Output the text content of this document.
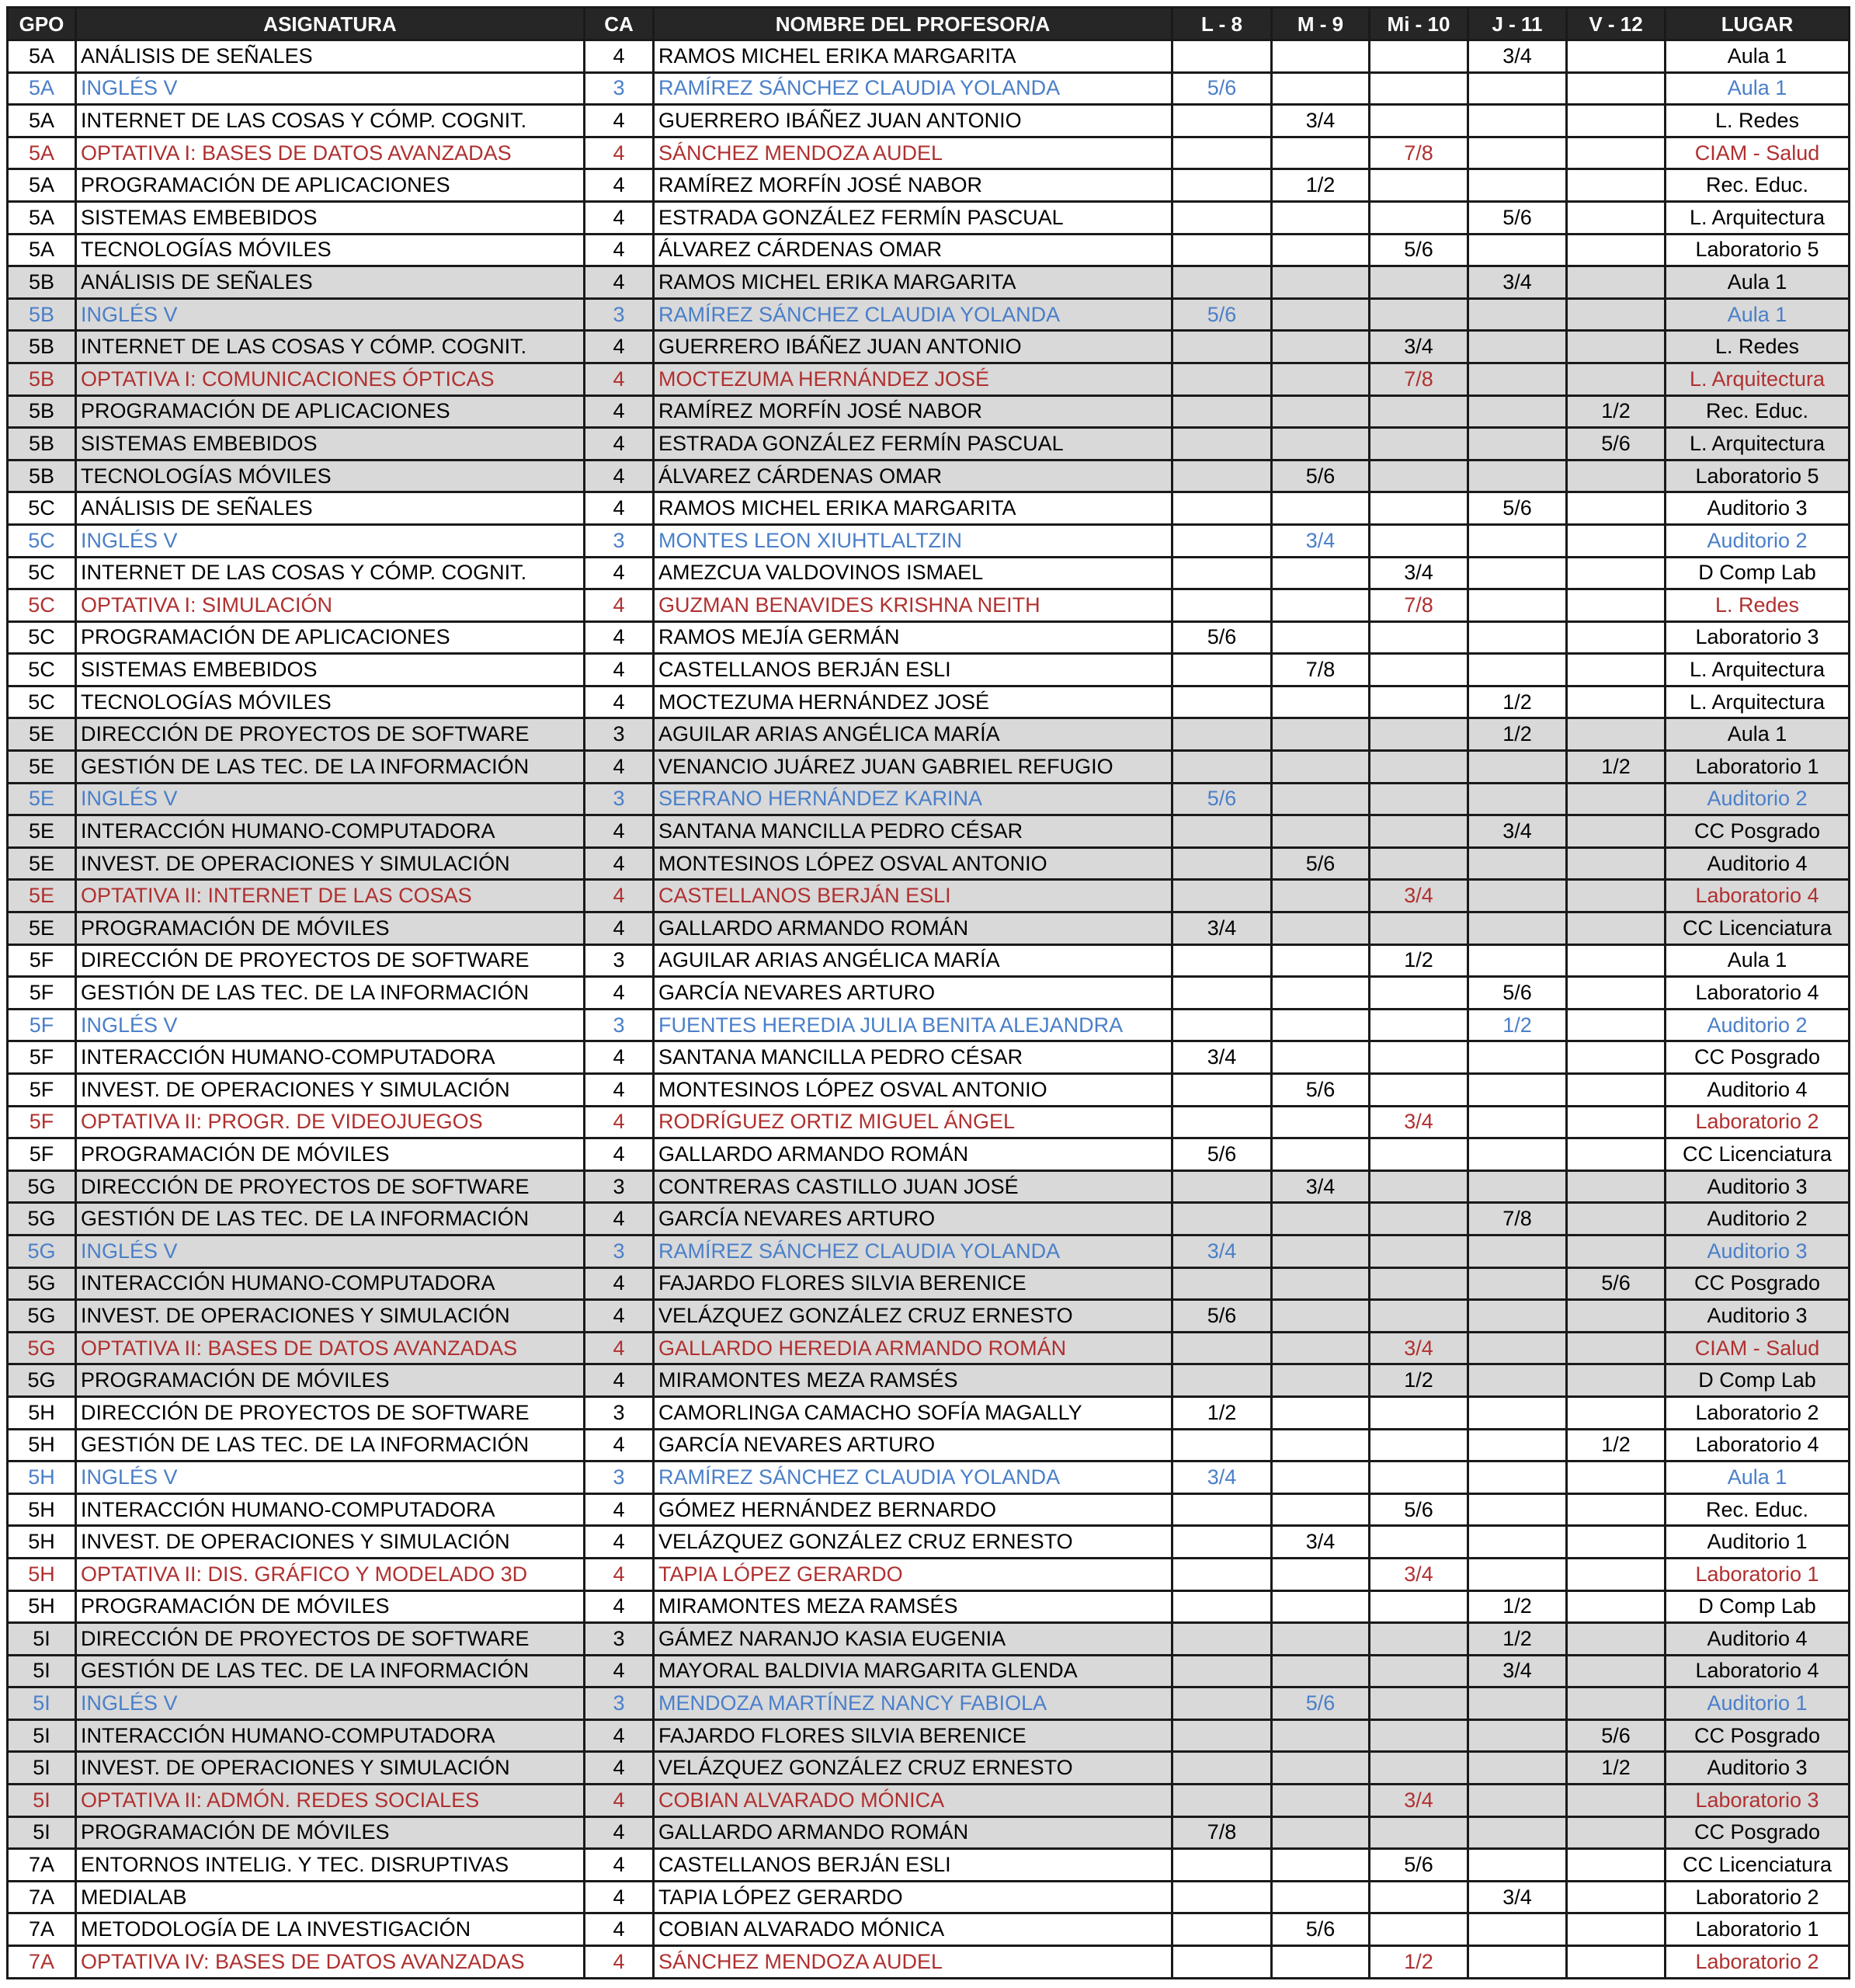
GPO	ASIGNATURA	CA	NOMBRE DEL PROFESOR/A	L - 8	M - 9	Mi - 10	J - 11	V - 12	LUGAR
5A	ANÁLISIS DE SEÑALES	4	RAMOS MICHEL ERIKA MARGARITA				3/4		Aula 1
5A	INGLÉS V	3	RAMÍREZ SÁNCHEZ CLAUDIA YOLANDA	5/6					Aula 1
5A	INTERNET DE LAS COSAS Y CÓMP. COGNIT.	4	GUERRERO IBÁÑEZ JUAN ANTONIO		3/4				L. Redes
5A	OPTATIVA I: BASES DE DATOS AVANZADAS	4	SÁNCHEZ MENDOZA AUDEL			7/8			CIAM - Salud
5A	PROGRAMACIÓN DE APLICACIONES	4	RAMÍREZ MORFÍN JOSÉ NABOR		1/2				Rec. Educ.
5A	SISTEMAS EMBEBIDOS	4	ESTRADA GONZÁLEZ FERMÍN PASCUAL				5/6		L. Arquitectura
5A	TECNOLOGÍAS MÓVILES	4	ÁLVAREZ CÁRDENAS OMAR			5/6			Laboratorio 5
5B	ANÁLISIS DE SEÑALES	4	RAMOS MICHEL ERIKA MARGARITA				3/4		Aula 1
5B	INGLÉS V	3	RAMÍREZ SÁNCHEZ CLAUDIA YOLANDA	5/6					Aula 1
5B	INTERNET DE LAS COSAS Y CÓMP. COGNIT.	4	GUERRERO IBÁÑEZ JUAN ANTONIO			3/4			L. Redes
5B	OPTATIVA I: COMUNICACIONES ÓPTICAS	4	MOCTEZUMA HERNÁNDEZ JOSÉ			7/8			L. Arquitectura
5B	PROGRAMACIÓN DE APLICACIONES	4	RAMÍREZ MORFÍN JOSÉ NABOR					1/2	Rec. Educ.
5B	SISTEMAS EMBEBIDOS	4	ESTRADA GONZÁLEZ FERMÍN PASCUAL					5/6	L. Arquitectura
5B	TECNOLOGÍAS MÓVILES	4	ÁLVAREZ CÁRDENAS OMAR		5/6				Laboratorio 5
5C	ANÁLISIS DE SEÑALES	4	RAMOS MICHEL ERIKA MARGARITA				5/6		Auditorio 3
5C	INGLÉS V	3	MONTES LEON XIUHTLALTZIN		3/4				Auditorio 2
5C	INTERNET DE LAS COSAS Y CÓMP. COGNIT.	4	AMEZCUA VALDOVINOS ISMAEL			3/4			D Comp Lab
5C	OPTATIVA I: SIMULACIÓN	4	GUZMAN BENAVIDES KRISHNA NEITH			7/8			L. Redes
5C	PROGRAMACIÓN DE APLICACIONES	4	RAMOS MEJÍA GERMÁN	5/6					Laboratorio 3
5C	SISTEMAS EMBEBIDOS	4	CASTELLANOS BERJÁN ESLI		7/8				L. Arquitectura
5C	TECNOLOGÍAS MÓVILES	4	MOCTEZUMA HERNÁNDEZ JOSÉ				1/2		L. Arquitectura
5E	DIRECCIÓN DE PROYECTOS DE SOFTWARE	3	AGUILAR ARIAS ANGÉLICA MARÍA				1/2		Aula 1
5E	GESTIÓN DE LAS TEC. DE LA INFORMACIÓN	4	VENANCIO JUÁREZ JUAN GABRIEL REFUGIO					1/2	Laboratorio 1
5E	INGLÉS V	3	SERRANO HERNÁNDEZ KARINA	5/6					Auditorio 2
5E	INTERACCIÓN HUMANO-COMPUTADORA	4	SANTANA MANCILLA PEDRO CÉSAR				3/4		CC Posgrado
5E	INVEST. DE OPERACIONES Y SIMULACIÓN	4	MONTESINOS LÓPEZ OSVAL ANTONIO		5/6				Auditorio 4
5E	OPTATIVA II: INTERNET DE LAS COSAS	4	CASTELLANOS BERJÁN ESLI			3/4			Laboratorio 4
5E	PROGRAMACIÓN DE MÓVILES	4	GALLARDO ARMANDO ROMÁN	3/4					CC Licenciatura
5F	DIRECCIÓN DE PROYECTOS DE SOFTWARE	3	AGUILAR ARIAS ANGÉLICA MARÍA			1/2			Aula 1
5F	GESTIÓN DE LAS TEC. DE LA INFORMACIÓN	4	GARCÍA NEVARES ARTURO				5/6		Laboratorio 4
5F	INGLÉS V	3	FUENTES HEREDIA JULIA BENITA ALEJANDRA				1/2		Auditorio 2
5F	INTERACCIÓN HUMANO-COMPUTADORA	4	SANTANA MANCILLA PEDRO CÉSAR	3/4					CC Posgrado
5F	INVEST. DE OPERACIONES Y SIMULACIÓN	4	MONTESINOS LÓPEZ OSVAL ANTONIO		5/6				Auditorio 4
5F	OPTATIVA II: PROGR. DE VIDEOJUEGOS	4	RODRÍGUEZ ORTIZ MIGUEL ÁNGEL			3/4			Laboratorio 2
5F	PROGRAMACIÓN DE MÓVILES	4	GALLARDO ARMANDO ROMÁN	5/6					CC Licenciatura
5G	DIRECCIÓN DE PROYECTOS DE SOFTWARE	3	CONTRERAS CASTILLO JUAN JOSÉ		3/4				Auditorio 3
5G	GESTIÓN DE LAS TEC. DE LA INFORMACIÓN	4	GARCÍA NEVARES ARTURO				7/8		Auditorio 2
5G	INGLÉS V	3	RAMÍREZ SÁNCHEZ CLAUDIA YOLANDA	3/4					Auditorio 3
5G	INTERACCIÓN HUMANO-COMPUTADORA	4	FAJARDO FLORES SILVIA BERENICE					5/6	CC Posgrado
5G	INVEST. DE OPERACIONES Y SIMULACIÓN	4	VELÁZQUEZ GONZÁLEZ CRUZ ERNESTO	5/6					Auditorio 3
5G	OPTATIVA II: BASES DE DATOS AVANZADAS	4	GALLARDO HEREDIA ARMANDO ROMÁN			3/4			CIAM - Salud
5G	PROGRAMACIÓN DE MÓVILES	4	MIRAMONTES MEZA RAMSÉS			1/2			D Comp Lab
5H	DIRECCIÓN DE PROYECTOS DE SOFTWARE	3	CAMORLINGA CAMACHO SOFÍA MAGALLY	1/2					Laboratorio 2
5H	GESTIÓN DE LAS TEC. DE LA INFORMACIÓN	4	GARCÍA NEVARES ARTURO					1/2	Laboratorio 4
5H	INGLÉS V	3	RAMÍREZ SÁNCHEZ CLAUDIA YOLANDA	3/4					Aula 1
5H	INTERACCIÓN HUMANO-COMPUTADORA	4	GÓMEZ HERNÁNDEZ BERNARDO			5/6			Rec. Educ.
5H	INVEST. DE OPERACIONES Y SIMULACIÓN	4	VELÁZQUEZ GONZÁLEZ CRUZ ERNESTO		3/4				Auditorio 1
5H	OPTATIVA II: DIS. GRÁFICO Y MODELADO 3D	4	TAPIA LÓPEZ GERARDO			3/4			Laboratorio 1
5H	PROGRAMACIÓN DE MÓVILES	4	MIRAMONTES MEZA RAMSÉS				1/2		D Comp Lab
5I	DIRECCIÓN DE PROYECTOS DE SOFTWARE	3	GÁMEZ NARANJO KASIA EUGENIA				1/2		Auditorio 4
5I	GESTIÓN DE LAS TEC. DE LA INFORMACIÓN	4	MAYORAL BALDIVIA MARGARITA GLENDA				3/4		Laboratorio 4
5I	INGLÉS V	3	MENDOZA MARTÍNEZ NANCY FABIOLA		5/6				Auditorio 1
5I	INTERACCIÓN HUMANO-COMPUTADORA	4	FAJARDO FLORES SILVIA BERENICE					5/6	CC Posgrado
5I	INVEST. DE OPERACIONES Y SIMULACIÓN	4	VELÁZQUEZ GONZÁLEZ CRUZ ERNESTO					1/2	Auditorio 3
5I	OPTATIVA II: ADMÓN. REDES SOCIALES	4	COBIAN ALVARADO MÓNICA			3/4			Laboratorio 3
5I	PROGRAMACIÓN DE MÓVILES	4	GALLARDO ARMANDO ROMÁN	7/8					CC Posgrado
7A	ENTORNOS INTELIG. Y TEC. DISRUPTIVAS	4	CASTELLANOS BERJÁN ESLI			5/6			CC Licenciatura
7A	MEDIALAB	4	TAPIA LÓPEZ GERARDO				3/4		Laboratorio 2
7A	METODOLOGÍA DE LA INVESTIGACIÓN	4	COBIAN ALVARADO MÓNICA		5/6				Laboratorio 1
7A	OPTATIVA IV: BASES DE DATOS AVANZADAS	4	SÁNCHEZ MENDOZA AUDEL			1/2			Laboratorio 2
